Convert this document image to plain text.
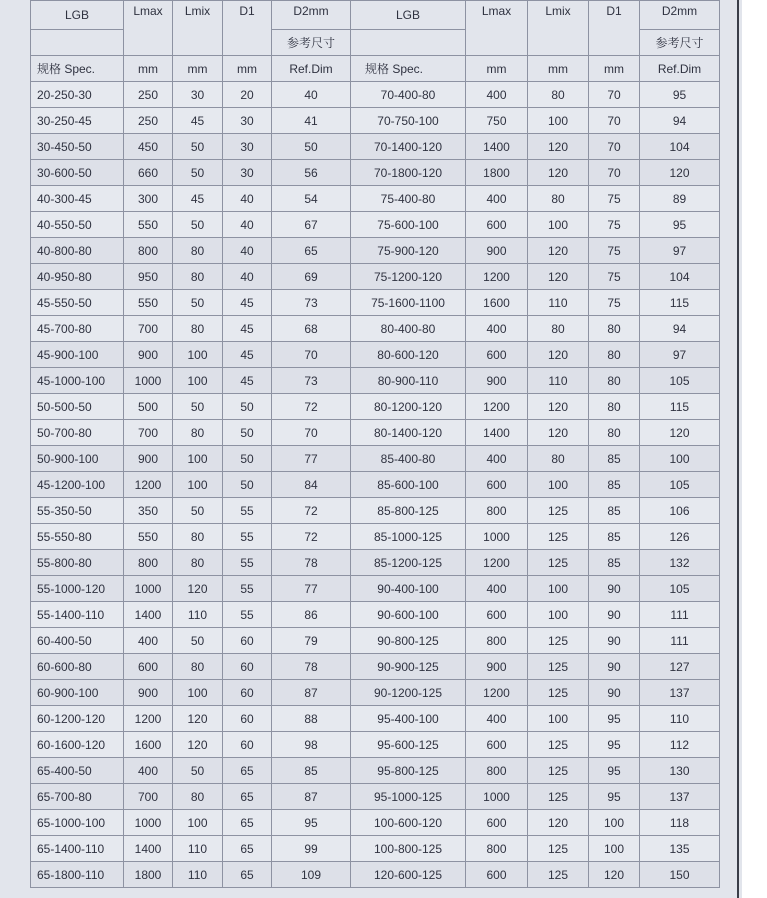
LGB	Lmax	Lmix	D1	D2mm	LGB	Lmax	Lmix	D1	D2mm
				参考尺寸					参考尺寸
规格 Spec.	mm	mm	mm	Ref.Dim	规格 Spec.	mm	mm	mm	Ref.Dim
20-250-30	250	30	20	40	70-400-80	400	80	70	95
30-250-45	250	45	30	41	70-750-100	750	100	70	94
30-450-50	450	50	30	50	70-1400-120	1400	120	70	104
30-600-50	660	50	30	56	70-1800-120	1800	120	70	120
40-300-45	300	45	40	54	75-400-80	400	80	75	89
40-550-50	550	50	40	67	75-600-100	600	100	75	95
40-800-80	800	80	40	65	75-900-120	900	120	75	97
40-950-80	950	80	40	69	75-1200-120	1200	120	75	104
45-550-50	550	50	45	73	75-1600-1100	1600	110	75	115
45-700-80	700	80	45	68	80-400-80	400	80	80	94
45-900-100	900	100	45	70	80-600-120	600	120	80	97
45-1000-100	1000	100	45	73	80-900-110	900	110	80	105
50-500-50	500	50	50	72	80-1200-120	1200	120	80	115
50-700-80	700	80	50	70	80-1400-120	1400	120	80	120
50-900-100	900	100	50	77	85-400-80	400	80	85	100
45-1200-100	1200	100	50	84	85-600-100	600	100	85	105
55-350-50	350	50	55	72	85-800-125	800	125	85	106
55-550-80	550	80	55	72	85-1000-125	1000	125	85	126
55-800-80	800	80	55	78	85-1200-125	1200	125	85	132
55-1000-120	1000	120	55	77	90-400-100	400	100	90	105
55-1400-110	1400	110	55	86	90-600-100	600	100	90	111
60-400-50	400	50	60	79	90-800-125	800	125	90	111
60-600-80	600	80	60	78	90-900-125	900	125	90	127
60-900-100	900	100	60	87	90-1200-125	1200	125	90	137
60-1200-120	1200	120	60	88	95-400-100	400	100	95	110
60-1600-120	1600	120	60	98	95-600-125	600	125	95	112
65-400-50	400	50	65	85	95-800-125	800	125	95	130
65-700-80	700	80	65	87	95-1000-125	1000	125	95	137
65-1000-100	1000	100	65	95	100-600-120	600	120	100	118
65-1400-110	1400	110	65	99	100-800-125	800	125	100	135
65-1800-110	1800	110	65	109	120-600-125	600	125	120	150
